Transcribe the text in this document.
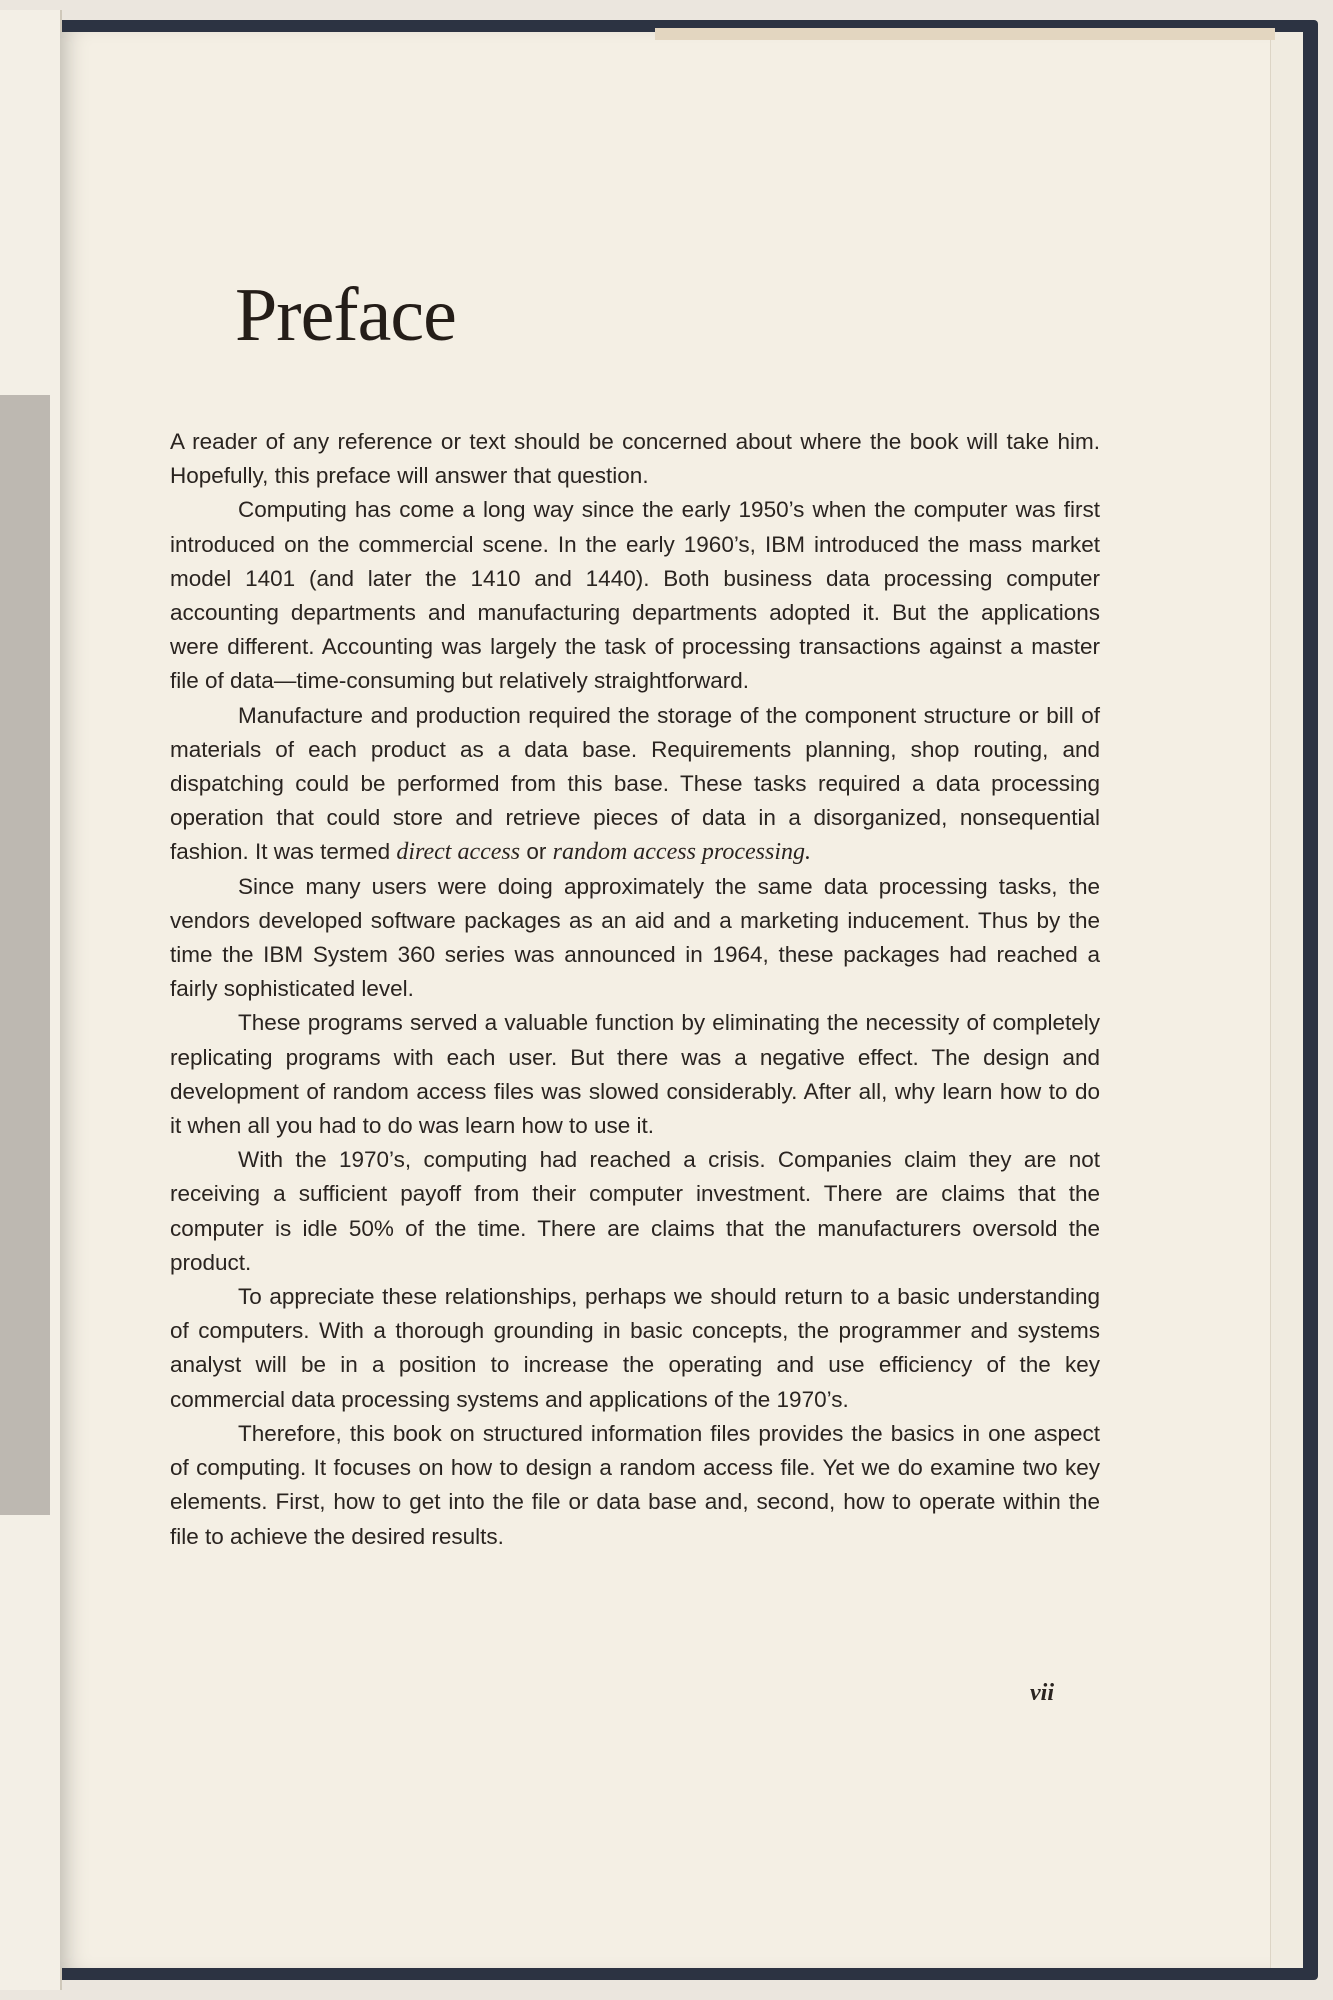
Preface

A reader of any reference or text should be concerned about where the book will take him. Hopefully, this preface will answer that question.

Computing has come a long way since the early 1950’s when the computer was first introduced on the commercial scene. In the early 1960’s, IBM introduced the mass market model 1401 (and later the 1410 and 1440). Both business data processing computer accounting departments and manufacturing departments adopted it. But the applications were different. Accounting was largely the task of processing transactions against a master file of data—time-consuming but relatively straightforward.

Manufacture and production required the storage of the component structure or bill of materials of each product as a data base. Requirements planning, shop routing, and dispatching could be performed from this base. These tasks required a data processing operation that could store and retrieve pieces of data in a disorganized, nonsequential fashion. It was termed direct access or random access processing.

Since many users were doing approximately the same data processing tasks, the vendors developed software packages as an aid and a marketing inducement. Thus by the time the IBM System 360 series was announced in 1964, these packages had reached a fairly sophisticated level.

These programs served a valuable function by eliminating the necessity of completely replicating programs with each user. But there was a negative effect. The design and development of random access files was slowed considerably. After all, why learn how to do it when all you had to do was learn how to use it.

With the 1970’s, computing had reached a crisis. Companies claim they are not receiving a sufficient payoff from their computer investment. There are claims that the computer is idle 50% of the time. There are claims that the manufacturers oversold the product.

To appreciate these relationships, perhaps we should return to a basic understanding of computers. With a thorough grounding in basic concepts, the programmer and systems analyst will be in a position to increase the operating and use efficiency of the key commercial data processing systems and applications of the 1970’s.

Therefore, this book on structured information files provides the basics in one aspect of computing. It focuses on how to design a random access file. Yet we do examine two key elements. First, how to get into the file or data base and, second, how to operate within the file to achieve the desired results.

vii
